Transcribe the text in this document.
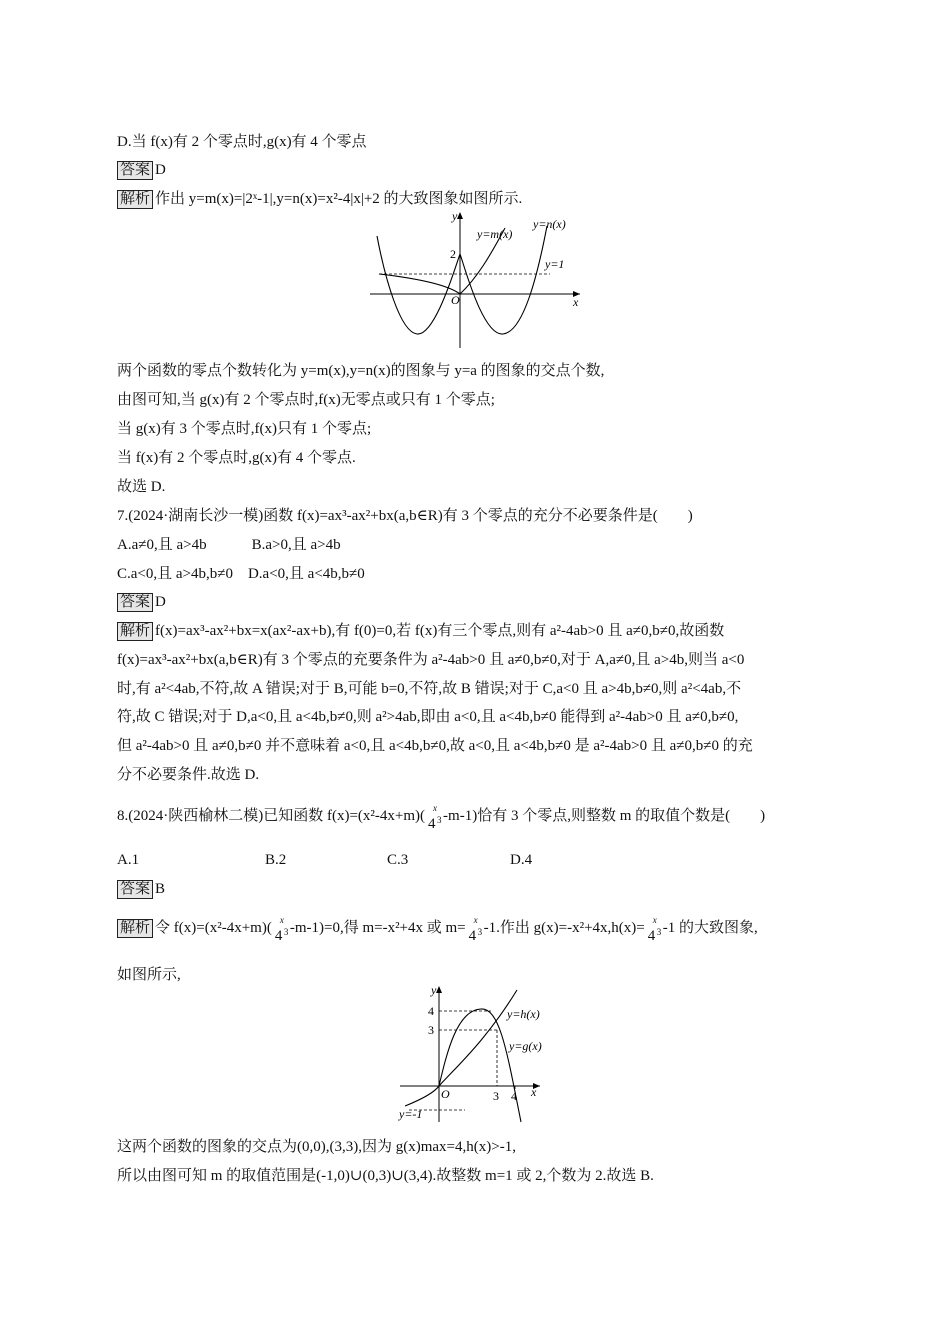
D.当 f(x)有 2 个零点时,g(x)有 4 个零点
答案 D
解析 作出 y=m(x)=|2ˣ-1|,y=n(x)=x²-4|x|+2 的大致图象如图所示.
2
O
y
x
y=m(x)
y=n(x)
y=1
两个函数的零点个数转化为 y=m(x),y=n(x)的图象与 y=a 的图象的交点个数,
由图可知,当 g(x)有 2 个零点时,f(x)无零点或只有 1 个零点;
当 g(x)有 3 个零点时,f(x)只有 1 个零点;
当 f(x)有 2 个零点时,g(x)有 4 个零点.
故选 D.
7.(2024·湖南长沙一模)函数 f(x)=ax³-ax²+bx(a,b∈R)有 3 个零点的充分不必要条件是(　　)
A.a≠0,且 a>4b　　　B.a>0,且 a>4b
C.a<0,且 a>4b,b≠0　D.a<0,且 a<4b,b≠0
答案 D
解析 f(x)=ax³-ax²+bx=x(ax²-ax+b),有 f(0)=0,若 f(x)有三个零点,则有 a²-4ab>0 且 a≠0,b≠0,故函数
f(x)=ax³-ax²+bx(a,b∈R)有 3 个零点的充要条件为 a²-4ab>0 且 a≠0,b≠0,对于 A,a≠0,且 a>4b,则当 a<0
时,有 a²<4ab,不符,故 A 错误;对于 B,可能 b=0,不符,故 B 错误;对于 C,a<0 且 a>4b,b≠0,则 a²<4ab,不
符,故 C 错误;对于 D,a<0,且 a<4b,b≠0,则 a²>4ab,即由 a<0,且 a<4b,b≠0 能得到 a²-4ab>0 且 a≠0,b≠0,
但 a²-4ab>0 且 a≠0,b≠0 并不意味着 a<0,且 a<4b,b≠0,故 a<0,且 a<4b,b≠0 是 a²-4ab>0 且 a≠0,b≠0 的充
分不必要条件.故选 D.
8.(2024·陕西榆林二模)已知函数 f(x)=(x²-4x+m)( 4
x
3 -m-1)恰有 3 个零点,则整数 m 的取值个数是(　　)
A.1	B.2	C.3	D.4
答案 B
解析 令 f(x)=(x²-4x+m)( 4
x
3 -m-1)=0,得 m=-x²+4x 或 m= 4
x
3 -1.作出 g(x)=-x²+4x,h(x)= 4
x
3 -1 的大致图象,
如图所示,
y
x
O
4
3
3 4
y=h(x)
y=g(x)
y=-1
这两个函数的图象的交点为(0,0),(3,3),因为 g(x)max=4,h(x)>-1,
所以由图可知 m 的取值范围是(-1,0)∪(0,3)∪(3,4).故整数 m=1 或 2,个数为 2.故选 B.
